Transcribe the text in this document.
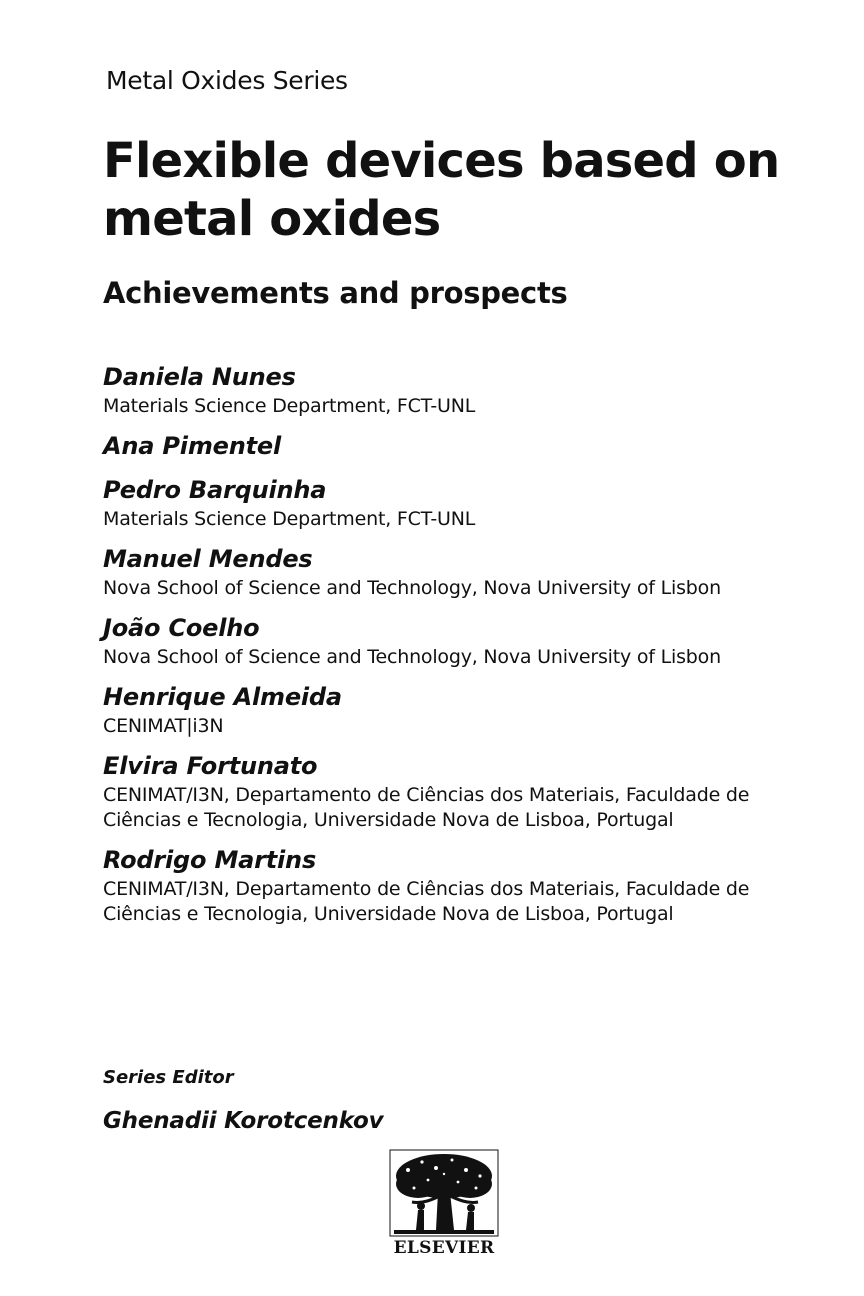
Metal Oxides Series

Flexible devices based on metal oxides
Achievements and prospects
Daniela Nunes
Materials Science Department, FCT-UNL
Ana Pimentel
Pedro Barquinha
Materials Science Department, FCT-UNL
Manuel Mendes
Nova School of Science and Technology, Nova University of Lisbon
João Coelho
Nova School of Science and Technology, Nova University of Lisbon
Henrique Almeida
CENIMAT|i3N
Elvira Fortunato
CENIMAT/I3N, Departamento de Ciências dos Materiais, Faculdade de Ciências e Tecnologia, Universidade Nova de Lisboa, Portugal
Rodrigo Martins
CENIMAT/I3N, Departamento de Ciências dos Materiais, Faculdade de Ciências e Tecnologia, Universidade Nova de Lisboa, Portugal
Series Editor
Ghenadii Korotcenkov
ELSEVIER
